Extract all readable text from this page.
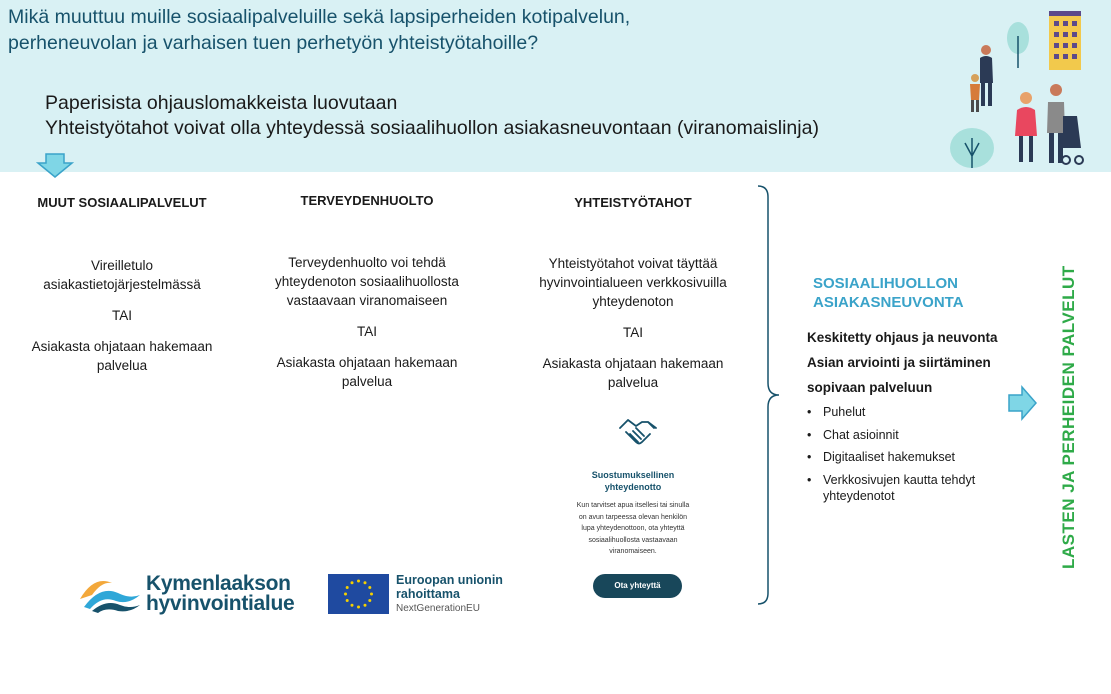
Mikä muuttuu muille sosiaalipalveluille sekä lapsiperheiden kotipalvelun,
perheneuvolan ja varhaisen tuen perhetyön yhteistyötahoille?
Paperisista ohjauslomakkeista luovutaan
Yhteistyötahot voivat olla yhteydessä sosiaalihuollon asiakasneuvontaan (viranomaislinja)
MUUT SOSIAALIPALVELUT

Vireilletulo

asiakastietojärjestelmässä

TAI

Asiakasta ohjataan hakemaan

palvelua

TERVEYDENHUOLTO

Terveydenhuolto voi tehdä

yhteydenoton sosiaalihuollosta

vastaavaan viranomaiseen

TAI

Asiakasta ohjataan hakemaan

palvelua

YHTEISTYÖTAHOT

Yhteistyötahot voivat täyttää

hyvinvointialueen verkkosivuilla

yhteydenoton

TAI

Asiakasta ohjataan hakemaan

palvelua

Suostumuksellinen
yhteydenotto
Kun tarvitset apua itsellesi tai sinulla
on avun tarpeessa olevan henkilön
lupa yhteydenottoon, ota yhteyttä
sosiaalihuollosta vastaavaan
viranomaiseen.
Ota yhteyttä
SOSIAALIHUOLLON
ASIAKASNEUVONTA
Keskitetty ohjaus ja neuvonta
Asian arviointi ja siirtäminen
sopivaan palveluun
• Puhelut
• Chat asioinnit
• Digitaaliset hakemukset
• Verkkosivujen kautta tehdyt
yhteydenotot	LASTEN JA PERHEIDEN PALVELUT
Kymenlaakson
hyvinvointialue
Euroopan unionin
rahoittama
NextGenerationEU
